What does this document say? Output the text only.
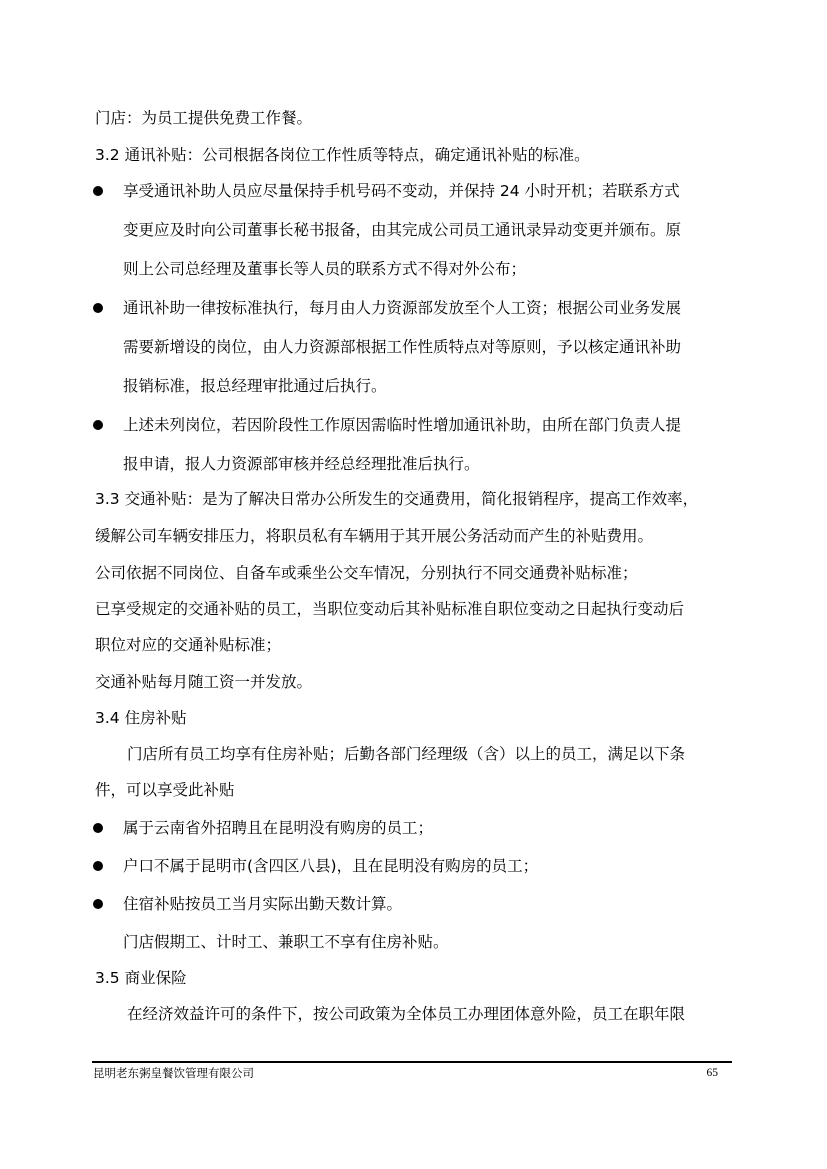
门店：为员工提供免费工作餐。
3.2 通讯补贴：公司根据各岗位工作性质等特点，确定通讯补贴的标准。
享受通讯补助人员应尽量保持手机号码不变动，并保持 24 小时开机；若联系方式
变更应及时向公司董事长秘书报备，由其完成公司员工通讯录异动变更并颁布。原
则上公司总经理及董事长等人员的联系方式不得对外公布；
通讯补助一律按标准执行，每月由人力资源部发放至个人工资；根据公司业务发展
需要新增设的岗位，由人力资源部根据工作性质特点对等原则，予以核定通讯补助
报销标准，报总经理审批通过后执行。
上述未列岗位，若因阶段性工作原因需临时性增加通讯补助，由所在部门负责人提
报申请，报人力资源部审核并经总经理批准后执行。
3.3 交通补贴：是为了解决日常办公所发生的交通费用，简化报销程序，提高工作效率，
缓解公司车辆安排压力，将职员私有车辆用于其开展公务活动而产生的补贴费用。
公司依据不同岗位、自备车或乘坐公交车情况，分别执行不同交通费补贴标准；
已享受规定的交通补贴的员工，当职位变动后其补贴标准自职位变动之日起执行变动后
职位对应的交通补贴标准；
交通补贴每月随工资一并发放。
3.4 住房补贴
门店所有员工均享有住房补贴；后勤各部门经理级（含）以上的员工，满足以下条
件，可以享受此补贴
属于云南省外招聘且在昆明没有购房的员工；
户口不属于昆明市(含四区八县)，且在昆明没有购房的员工；
住宿补贴按员工当月实际出勤天数计算。
门店假期工、计时工、兼职工不享有住房补贴。
3.5 商业保险
在经济效益许可的条件下，按公司政策为全体员工办理团体意外险，员工在职年限
昆明老东粥皇餐饮管理有限公司	65
